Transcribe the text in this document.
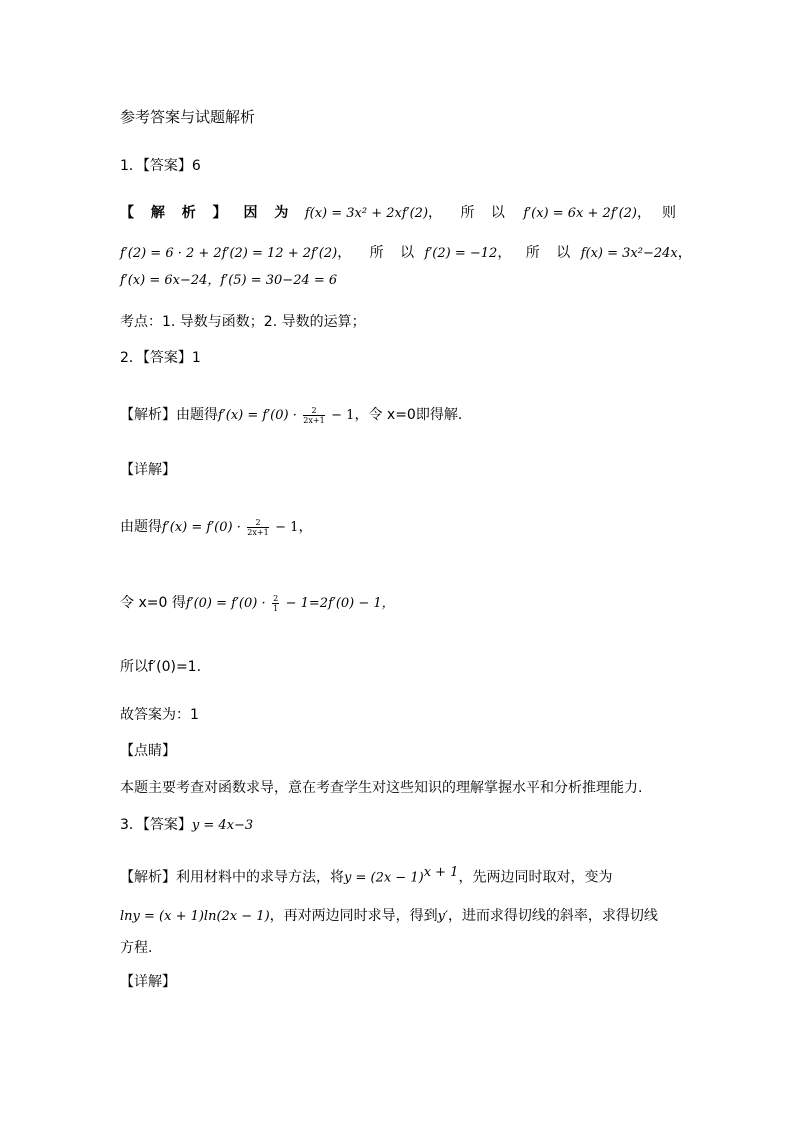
参考答案与试题解析
1．【答案】6
【 解 析 】 因 为 f(x) = 3x² + 2xf′(2)， 所 以 f′(x) = 6x + 2f′(2)， 则
f′(2) = 6 · 2 + 2f′(2) = 12 + 2f′(2)， 所 以 f′(2) = −12， 所 以 f(x) = 3x²−24x，
f′(x) = 6x−24，f′(5) = 30−24 = 6
考点：1. 导数与函数；2. 导数的运算；
2．【答案】1
【解析】由题得$f'(x) = f'(0) \cdot \frac{2}{2x+1} - 1$，令 x=0即得解.
【详解】
由题得$f'(x) = f'(0) \cdot \frac{2}{2x+1} - 1$，
令 x=0 得$f'(0) = f'(0) \cdot \frac{2}{1} - 1=2f'(0) - 1$，
所以f′(0)=1.
故答案为：1
【点睛】
本题主要考查对函数求导，意在考查学生对这些知识的理解掌握水平和分析推理能力.
3．【答案】y = 4x−3
【解析】利用材料中的求导方法，将$y = (2x - 1)^{x + 1}$，先两边同时取对，变为
lny = (x + 1)ln(2x − 1)，再对两边同时求导，得到y′，进而求得切线的斜率，求得切线
方程.
【详解】
